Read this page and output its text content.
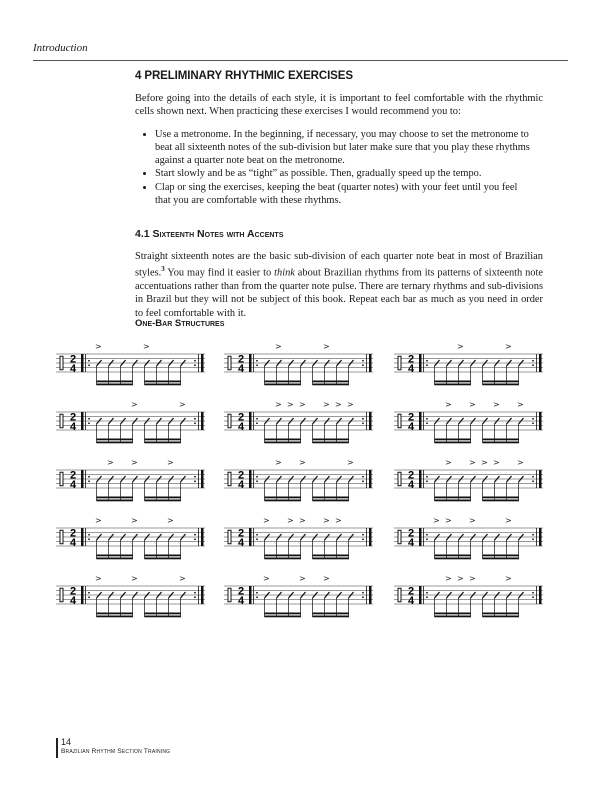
Introduction
4 PRELIMINARY RHYTHMIC EXERCISES

Before going into the details of each style, it is important to feel comfortable with the rhythmic cells shown next. When practicing these exercises I would recommend you to:

• Use a metronome. In the beginning, if necessary, you may choose to set the metronome to beat all sixteenth notes of the sub-division but later make sure that you play these rhythms against a quarter note beat on the metronome.
• Start slowly and be as “tight” as possible. Then, gradually speed up the tempo.
• Clap or sing the exercises, keeping the beat (quarter notes) with your feet until you feel that you are comfortable with these rhythms.
4.1 Sixteenth Notes with Accents

Straight sixteenth notes are the basic sub-division of each quarter note beat in most of Brazilian styles.$^3$ You may find it easier to think about Brazilian rhythms from its patterns of sixteenth note accentuations rather than from the quarter note pulse. There are ternary rhythms and sub-divisions in Brazil but they will not be subject of this book. Repeat each bar as much as you need in order to feel comfortable with it.

One-Bar Structures
2
4
>	>
2
4
>	>
2
4
>	>
2
4
>	>
2
4
> > > > > >
2
4
> > > >
2
4
> >	>
2
4
> >	>
2
4
> > > > >
2
4
>	>	>
2
4
> > > > >
2
4
> > >	>
2
4
>	>	>
2
4
>	> >
2
4
> > >	>
14
Brazilian Rhythm Section Training
